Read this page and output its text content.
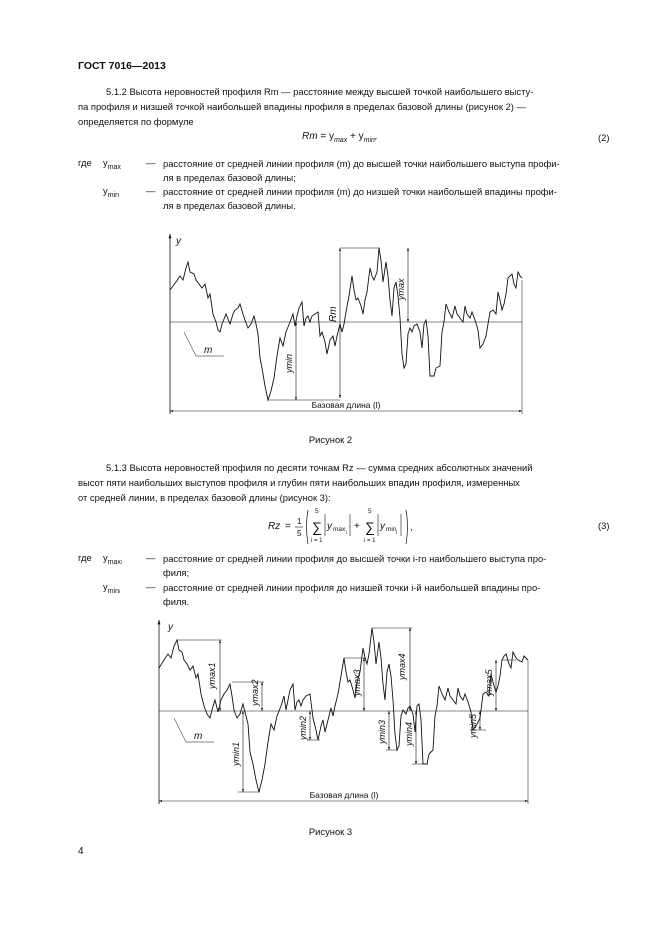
ГОСТ 7016—2013
5.1.2 Высота неровностей профиля Rm — расстояние между высшей точкой наибольшего высту-
па профиля и низшей точкой наибольшей впадины профиля в пределах базовой длины (рисунок 2) —
определяется по формуле
$Rm = y_{max} + y_{min}$,	(2)
где $y_{max}$	— расстояние от средней линии профиля (m) до высшей точки наибольшего выступа профи-
ля в пределах базовой длины;
$y_{min}$	— расстояние от средней линии профиля (m) до низшей точки наибольшей впадины профи-
ля в пределах базовой длины.
y
Rm
ymax
ymin
m
Базовая длина (l)
Рисунок 2
5.1.3 Высота неровностей профиля по десяти точкам Rz — сумма средних абсолютных значений
высот пяти наибольших выступов профиля и глубин пяти наибольших впадин профиля, измеренных
от средней линии, в пределах базовой длины (рисунок 3):
Rz = 1
5
5
∑
i = 1
y max i
+
5
∑
i = 1
y min i ,	(3)
где $y_{maxi}$	— расстояние от средней линии профиля до высшей точки i-го наибольшего выступа про-
филя;
$y_{mini}$	— расстояние от средней линии профиля до низшей точки i-й наибольшей впадины про-
филя.
y
ymax1
ymax2	ymax3
ymax4
ymax5
ymin1
ymin2	ymin3 ymin4	ymin5
m
Базовая длина (l)
Рисунок 3
4
